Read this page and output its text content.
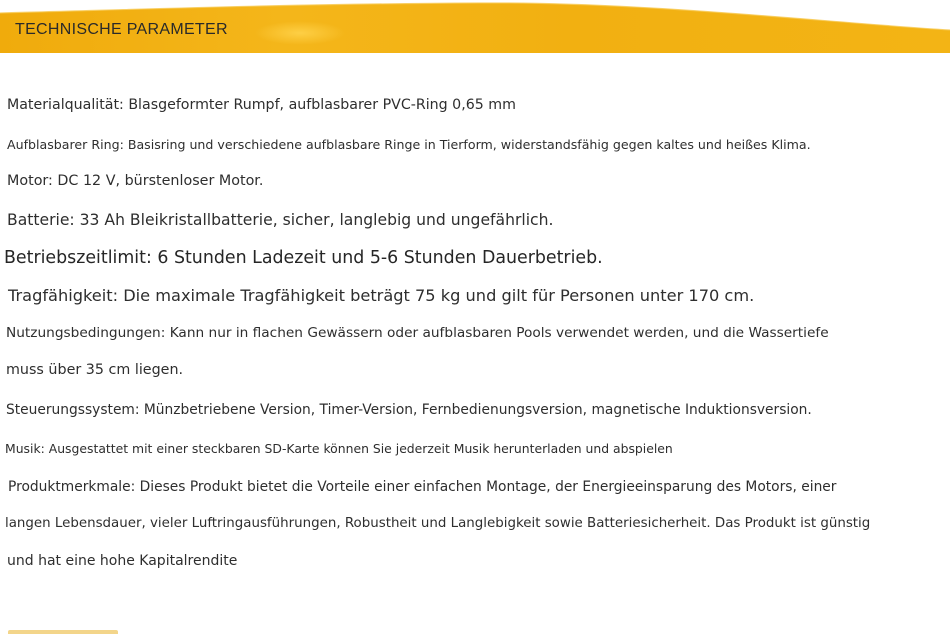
TECHNISCHE PARAMETER
Materialqualität: Blasgeformter Rumpf, aufblasbarer PVC-Ring 0,65 mm
Aufblasbarer Ring: Basisring und verschiedene aufblasbare Ringe in Tierform, widerstandsfähig gegen kaltes und heißes Klima.
Motor: DC 12 V, bürstenloser Motor.
Batterie: 33 Ah Bleikristallbatterie, sicher, langlebig und ungefährlich.
Betriebszeitlimit: 6 Stunden Ladezeit und 5-6 Stunden Dauerbetrieb.
Tragfähigkeit: Die maximale Tragfähigkeit beträgt 75 kg und gilt für Personen unter 170 cm.
Nutzungsbedingungen: Kann nur in flachen Gewässern oder aufblasbaren Pools verwendet werden, und die Wassertiefe
muss über 35 cm liegen.
Steuerungssystem: Münzbetriebene Version, Timer-Version, Fernbedienungsversion, magnetische Induktionsversion.
Musik: Ausgestattet mit einer steckbaren SD-Karte können Sie jederzeit Musik herunterladen und abspielen
Produktmerkmale: Dieses Produkt bietet die Vorteile einer einfachen Montage, der Energieeinsparung des Motors, einer
langen Lebensdauer, vieler Luftringausführungen, Robustheit und Langlebigkeit sowie Batteriesicherheit. Das Produkt ist günstig
und hat eine hohe Kapitalrendite
